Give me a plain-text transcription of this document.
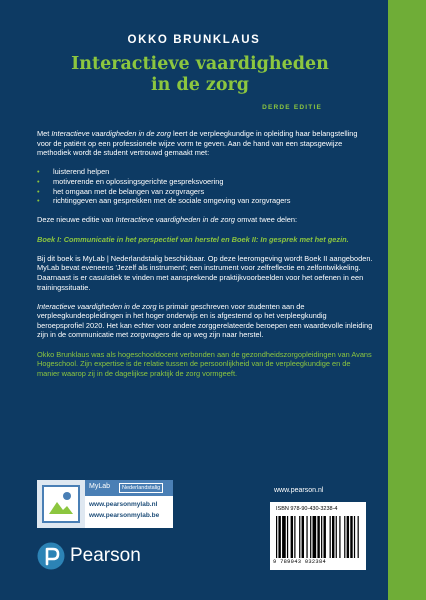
OKKO BRUNKLAUS
Interactieve vaardigheden
in de zorg
DERDE EDITIE

Met Interactieve vaardigheden in de zorg leert de verpleegkundige in opleiding haar belangstelling voor de patiënt op een professionele wijze vorm te geven. Aan de hand van een stapsgewijze methodiek wordt de student vertrouwd gemaakt met:

• luisterend helpen
• motiverende en oplossingsgerichte gespreksvoering
• het omgaan met de belangen van zorgvragers
• richtinggeven aan gesprekken met de sociale omgeving van zorgvragers

Deze nieuwe editie van Interactieve vaardigheden in de zorg omvat twee delen:

Boek I: Communicatie in het perspectief van herstel en Boek II: In gesprek met het gezin.

Bij dit boek is MyLab | Nederlandstalig beschikbaar. Op deze leeromgeving wordt Boek II aangeboden. MyLab bevat eveneens 'Jezelf als instrument'; een instrument voor zelfreflectie en zelfontwikkeling. Daarnaast is er casuïstiek te vinden met aansprekende praktijkvoorbeelden voor het oefenen in een trainingssituatie.

Interactieve vaardigheden in de zorg is primair geschreven voor studenten aan de verpleegkundeopleidingen in het hoger onderwijs en is afgestemd op het verpleegkundig beroepsprofiel 2020. Het kan echter voor andere zorggerelateerde beroepen een waardevolle inleiding zijn in de communicatie met zorgvragers die op weg zijn naar herstel.

Okko Brunklaus was als hogeschooldocent verbonden aan de gezondheidszorgopleidingen van Avans Hogeschool. Zijn expertise is de relatie tussen de persoonlijkheid van de verpleegkundige en de manier waarop zij in de dagelijkse praktijk de zorg vormgeeft.

MyLab	Nederlandstalig
www.pearsonmylab.nl
www.pearsonmylab.be
Pearson
www.pearson.nl
ISBN 978-90-430-3238-4
9 789043 032384
